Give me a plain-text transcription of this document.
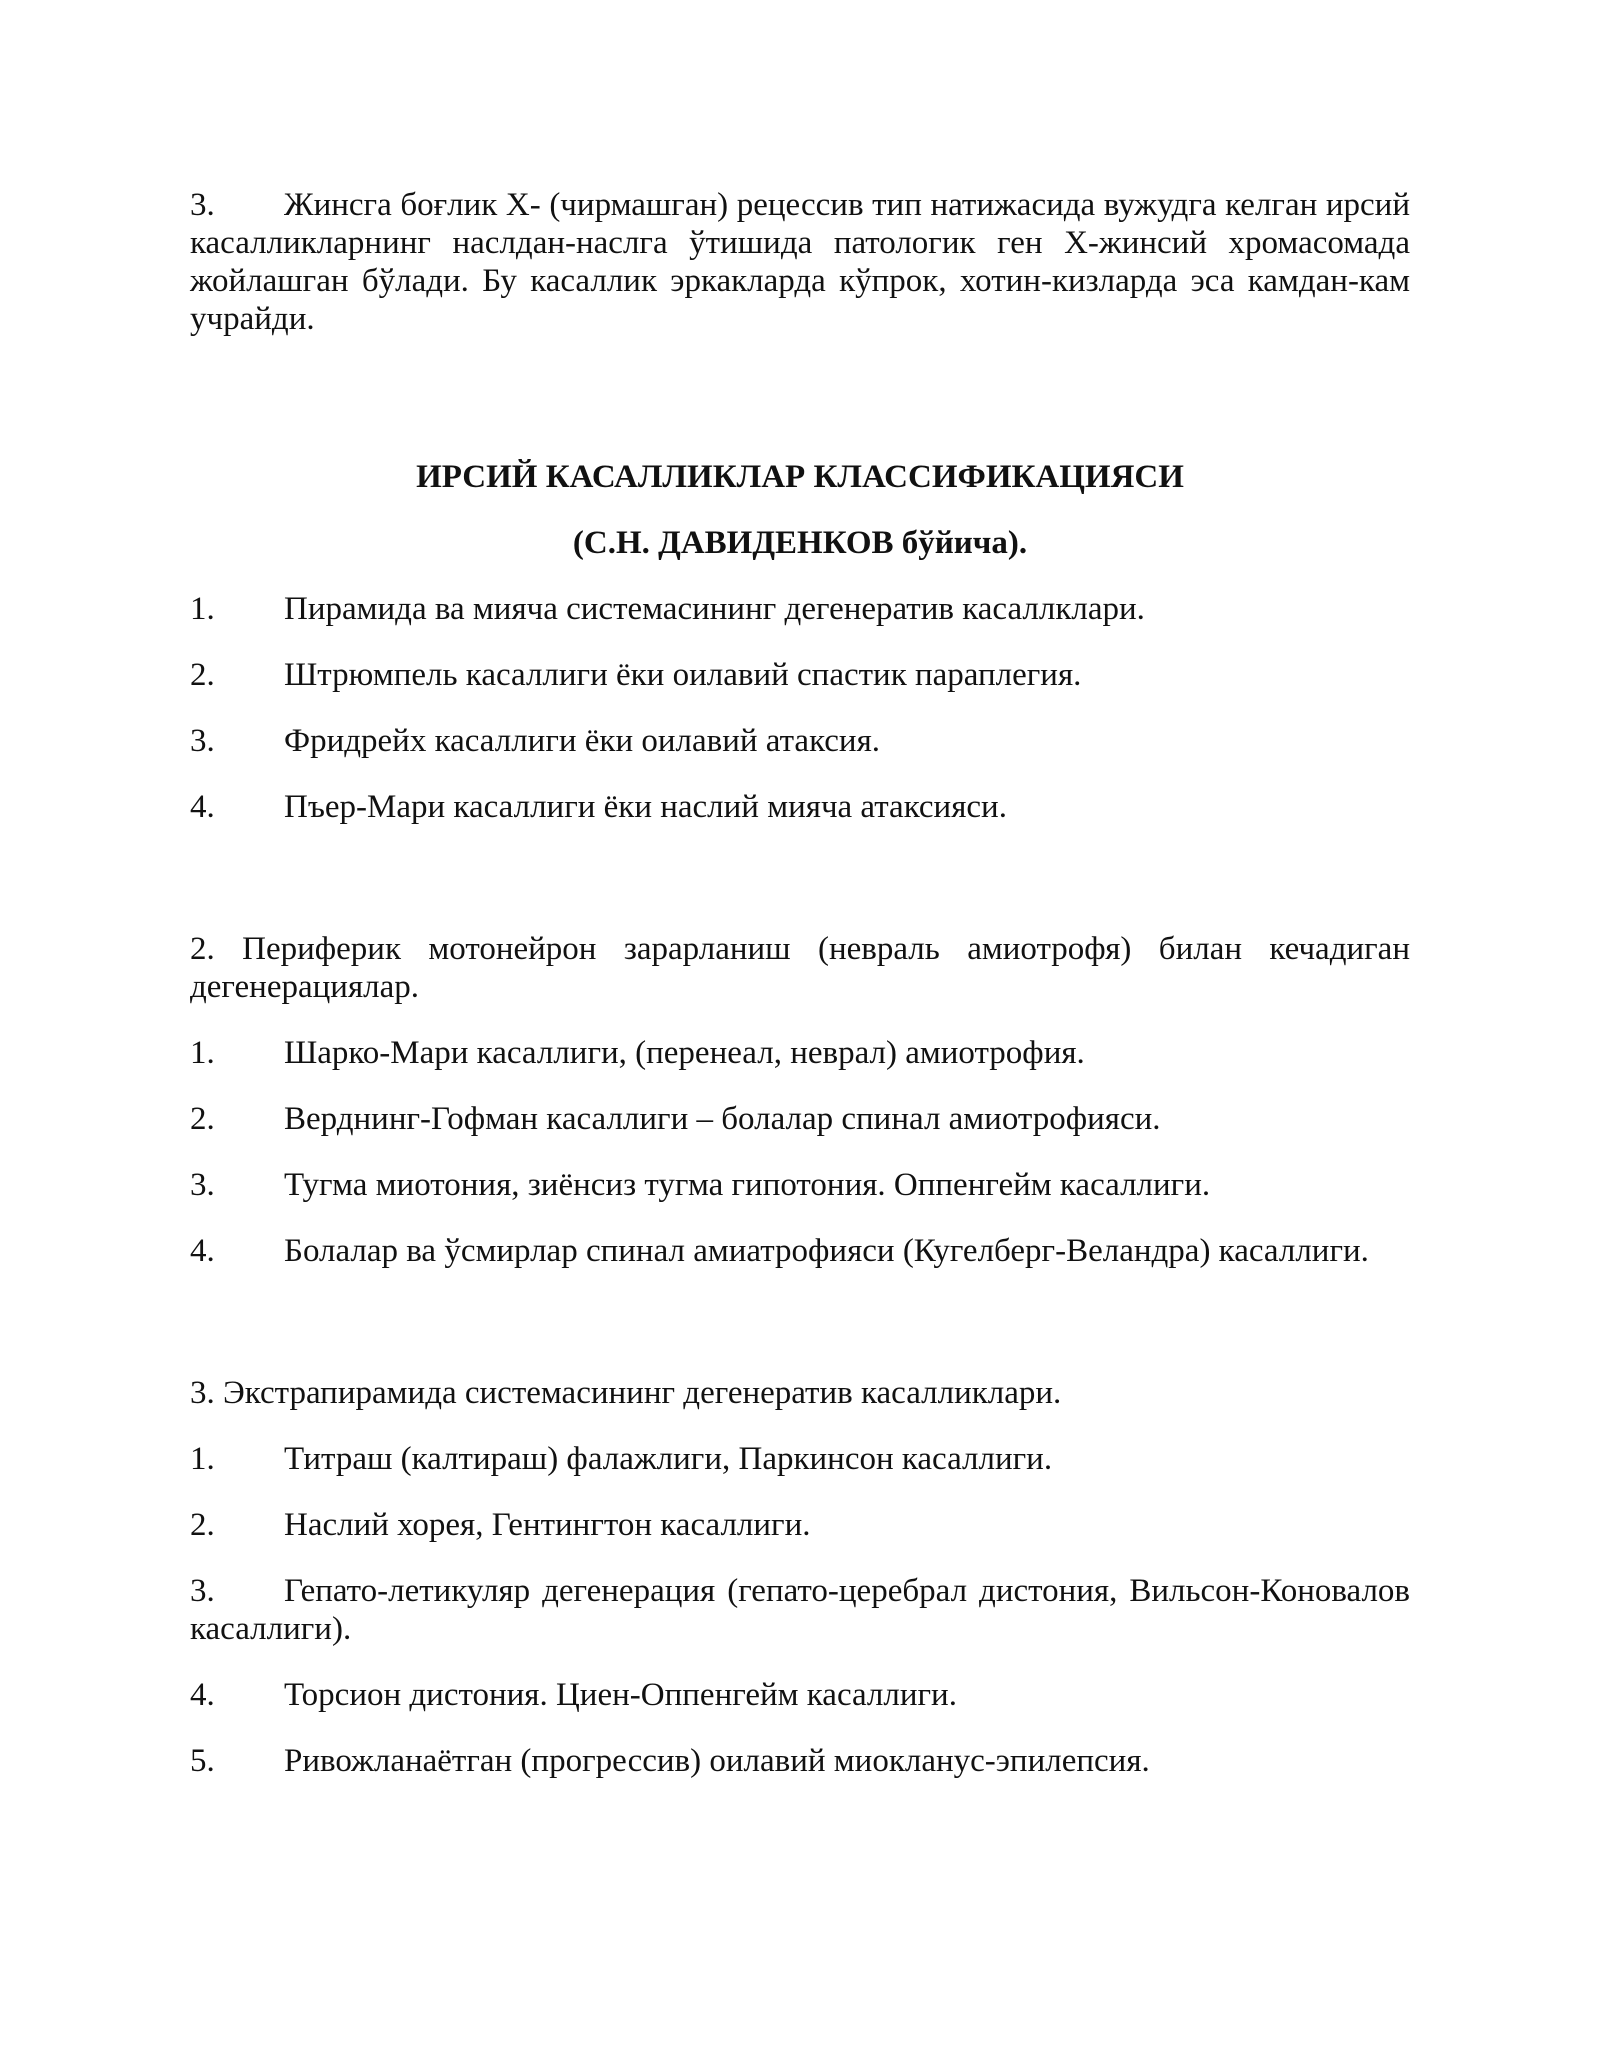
3. Жинсга боғлик Х- (чирмашган) рецессив тип натижасида вужудга келган ирсий касалликларнинг наслдан-наслга ўтишида патологик ген Х-жинсий хромасомада жойлашган бўлади. Бу касаллик эркакларда кўпрок, хотин-кизларда эса камдан-кам учрайди.

ИРСИЙ КАСАЛЛИКЛАР КЛАССИФИКАЦИЯСИ

(С.Н. ДАВИДЕНКОВ бўйича).

1. Пирамида ва мияча системасининг дегенератив касаллклари.

2. Штрюмпель касаллиги ёки оилавий спастик параплегия.

3. Фридрейх касаллиги ёки оилавий атаксия.

4. Пъер-Мари касаллиги ёки наслий мияча атаксияси.

2. Периферик мотонейрон зарарланиш (невраль амиотрофя) билан кечадиган дегенерациялар.

1. Шарко-Мари касаллиги, (перенеал, неврал) амиотрофия.

2. Верднинг-Гофман касаллиги – болалар спинал амиотрофияси.

3. Тугма миотония, зиёнсиз тугма гипотония. Оппенгейм касаллиги.

4. Болалар ва ўсмирлар спинал амиатрофияси (Кугелберг-Веландра) касаллиги.

3. Экстрапирамида системасининг дегенератив касалликлари.

1. Титраш (калтираш) фалажлиги, Паркинсон касаллиги.

2. Наслий хорея, Гентингтон касаллиги.

3. Гепато-летикуляр дегенерация (гепато-церебрал дистония, Вильсон-Коновалов касаллиги).

4. Торсион дистония. Циен-Оппенгейм касаллиги.

5. Ривожланаётган (прогрессив) оилавий миокланус-эпилепсия.
